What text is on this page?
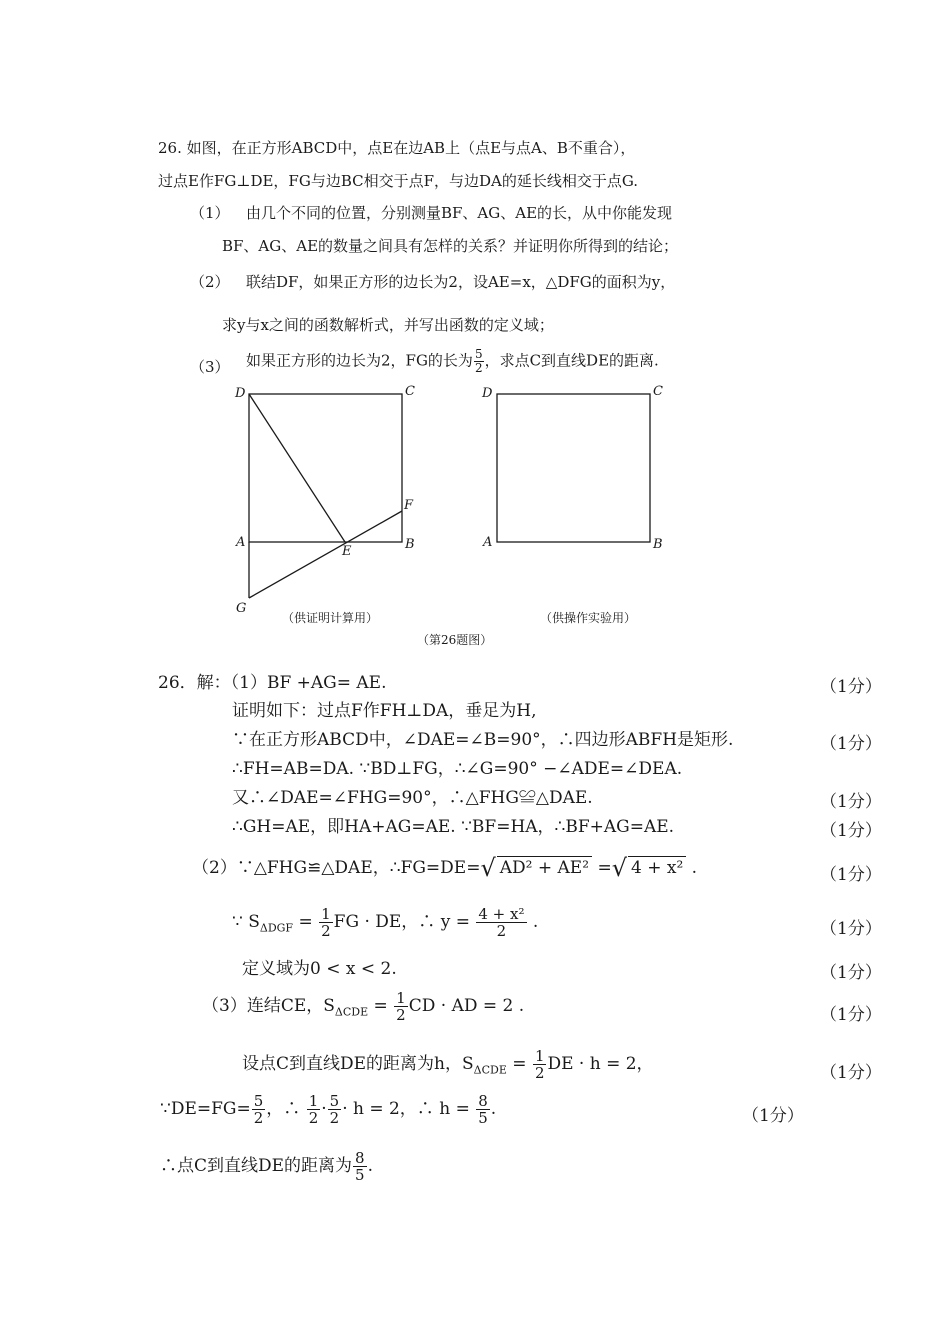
26. 如图，在正方形ABCD中，点E在边AB上（点E与点A、B不重合），
过点E作FG⊥DE，FG与边BC相交于点F，与边DA的延长线相交于点G.
（1） 由几个不同的位置，分别测量BF、AG、AE的长，从中你能发现
BF、AG、AE的数量之间具有怎样的关系？并证明你所得到的结论；
（2） 联结DF，如果正方形的边长为2，设AE=x，△DFG的面积为y，
求y与x之间的函数解析式，并写出函数的定义域；
（3） 如果正方形的边长为2，FG的长为 $\frac{5}{2}$ ，求点C到直线DE的距离.
D	C
A	B
E
F
G
D	C
A	B
（供证明计算用）	（供操作实验用）
（第26题图）
26．解：（1）BF +AG= AE.	（1分）
证明如下：过点F作FH⊥DA，垂足为H,
∵在正方形ABCD中，∠DAE=∠B=90°，∴四边形ABFH是矩形.	（1分）
∴FH=AB=DA. ∵BD⊥FG，∴∠G=90° −∠ADE=∠DEA.
又∴∠DAE=∠FHG=90°，∴△FHG≌△DAE.	（1分）
∴GH=AE，即HA+AG=AE. ∵BF=HA，∴BF+AG=AE.	（1分）
（2）∵△FHG≌△DAE，∴FG=DE=√ AD² + AE² =√ 4 + x² .	（1分）
∵ $S_{\Delta DGF} = \frac{1}{2}$ FG · DE，∴ $y = \frac{\text{4 + x²}}{2}$ .	（1分）
定义域为0 < x < 2.	（1分）
（3）连结CE，$S_{\Delta CDE} = \frac{1}{2}$ CD · AD = 2 .	（1分）
设点C到直线DE的距离为h，$S_{\Delta CDE} = \frac{1}{2}$ DE · h = 2，	（1分）
∵DE=FG= $\frac{5}{2}$ ，∴ $\frac{1}{2} \cdot \frac{5}{2} \cdot h = 2$，∴ $h = \frac{8}{5}$ .	（1分）
∴点C到直线DE的距离为 $\frac{8}{5}$ .
